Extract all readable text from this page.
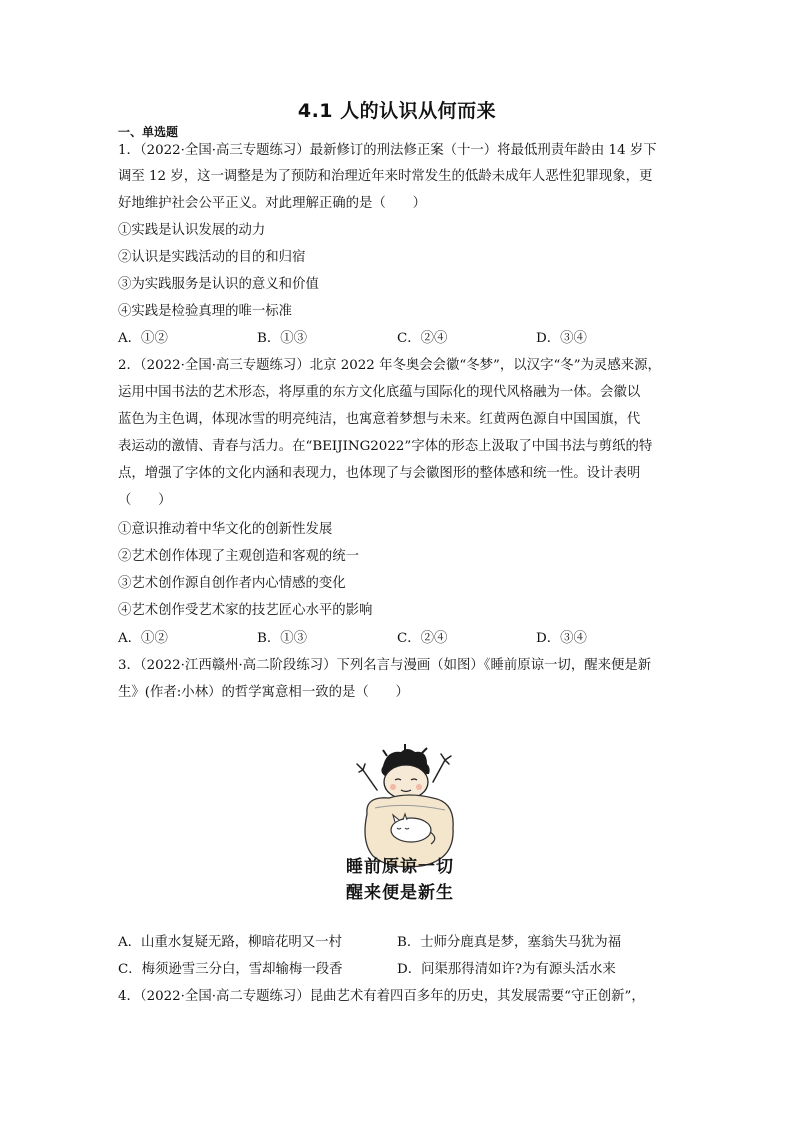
4.1 人的认识从何而来
一、单选题
1．（2022·全国·高三专题练习）最新修订的刑法修正案（十一）将最低刑责年龄由 14 岁下
调至 12 岁，这一调整是为了预防和治理近年来时常发生的低龄未成年人恶性犯罪现象，更
好地维护社会公平正义。对此理解正确的是（　　）
①实践是认识发展的动力
②认识是实践活动的目的和归宿
③为实践服务是认识的意义和价值
④实践是检验真理的唯一标准
A．①②	B．①③	C．②④	D．③④
2．（2022·全国·高三专题练习）北京 2022 年冬奥会会徽“冬梦”，以汉字“冬”为灵感来源，
运用中国书法的艺术形态，将厚重的东方文化底蕴与国际化的现代风格融为一体。会徽以
蓝色为主色调，体现冰雪的明亮纯洁，也寓意着梦想与未来。红黄两色源自中国国旗，代
表运动的激情、青春与活力。在“BEIJING2022”字体的形态上汲取了中国书法与剪纸的特
点，增强了字体的文化内涵和表现力，也体现了与会徽图形的整体感和统一性。设计表明
（　　）
①意识推动着中华文化的创新性发展
②艺术创作体现了主观创造和客观的统一
③艺术创作源自创作者内心情感的变化
④艺术创作受艺术家的技艺匠心水平的影响
A．①②	B．①③	C．②④	D．③④
3．（2022·江西赣州·高二阶段练习）下列名言与漫画（如图）《睡前原谅一切，醒来便是新
生》(作者:小林）的哲学寓意相一致的是（　　）
睡前原谅一切
醒来便是新生
A．山重水复疑无路，柳暗花明又一村	B．士师分鹿真是梦，塞翁失马犹为福
C．梅须逊雪三分白，雪却输梅一段香	D．问渠那得清如许?为有源头活水来
4．（2022·全国·高二专题练习）昆曲艺术有着四百多年的历史，其发展需要“守正创新”，
